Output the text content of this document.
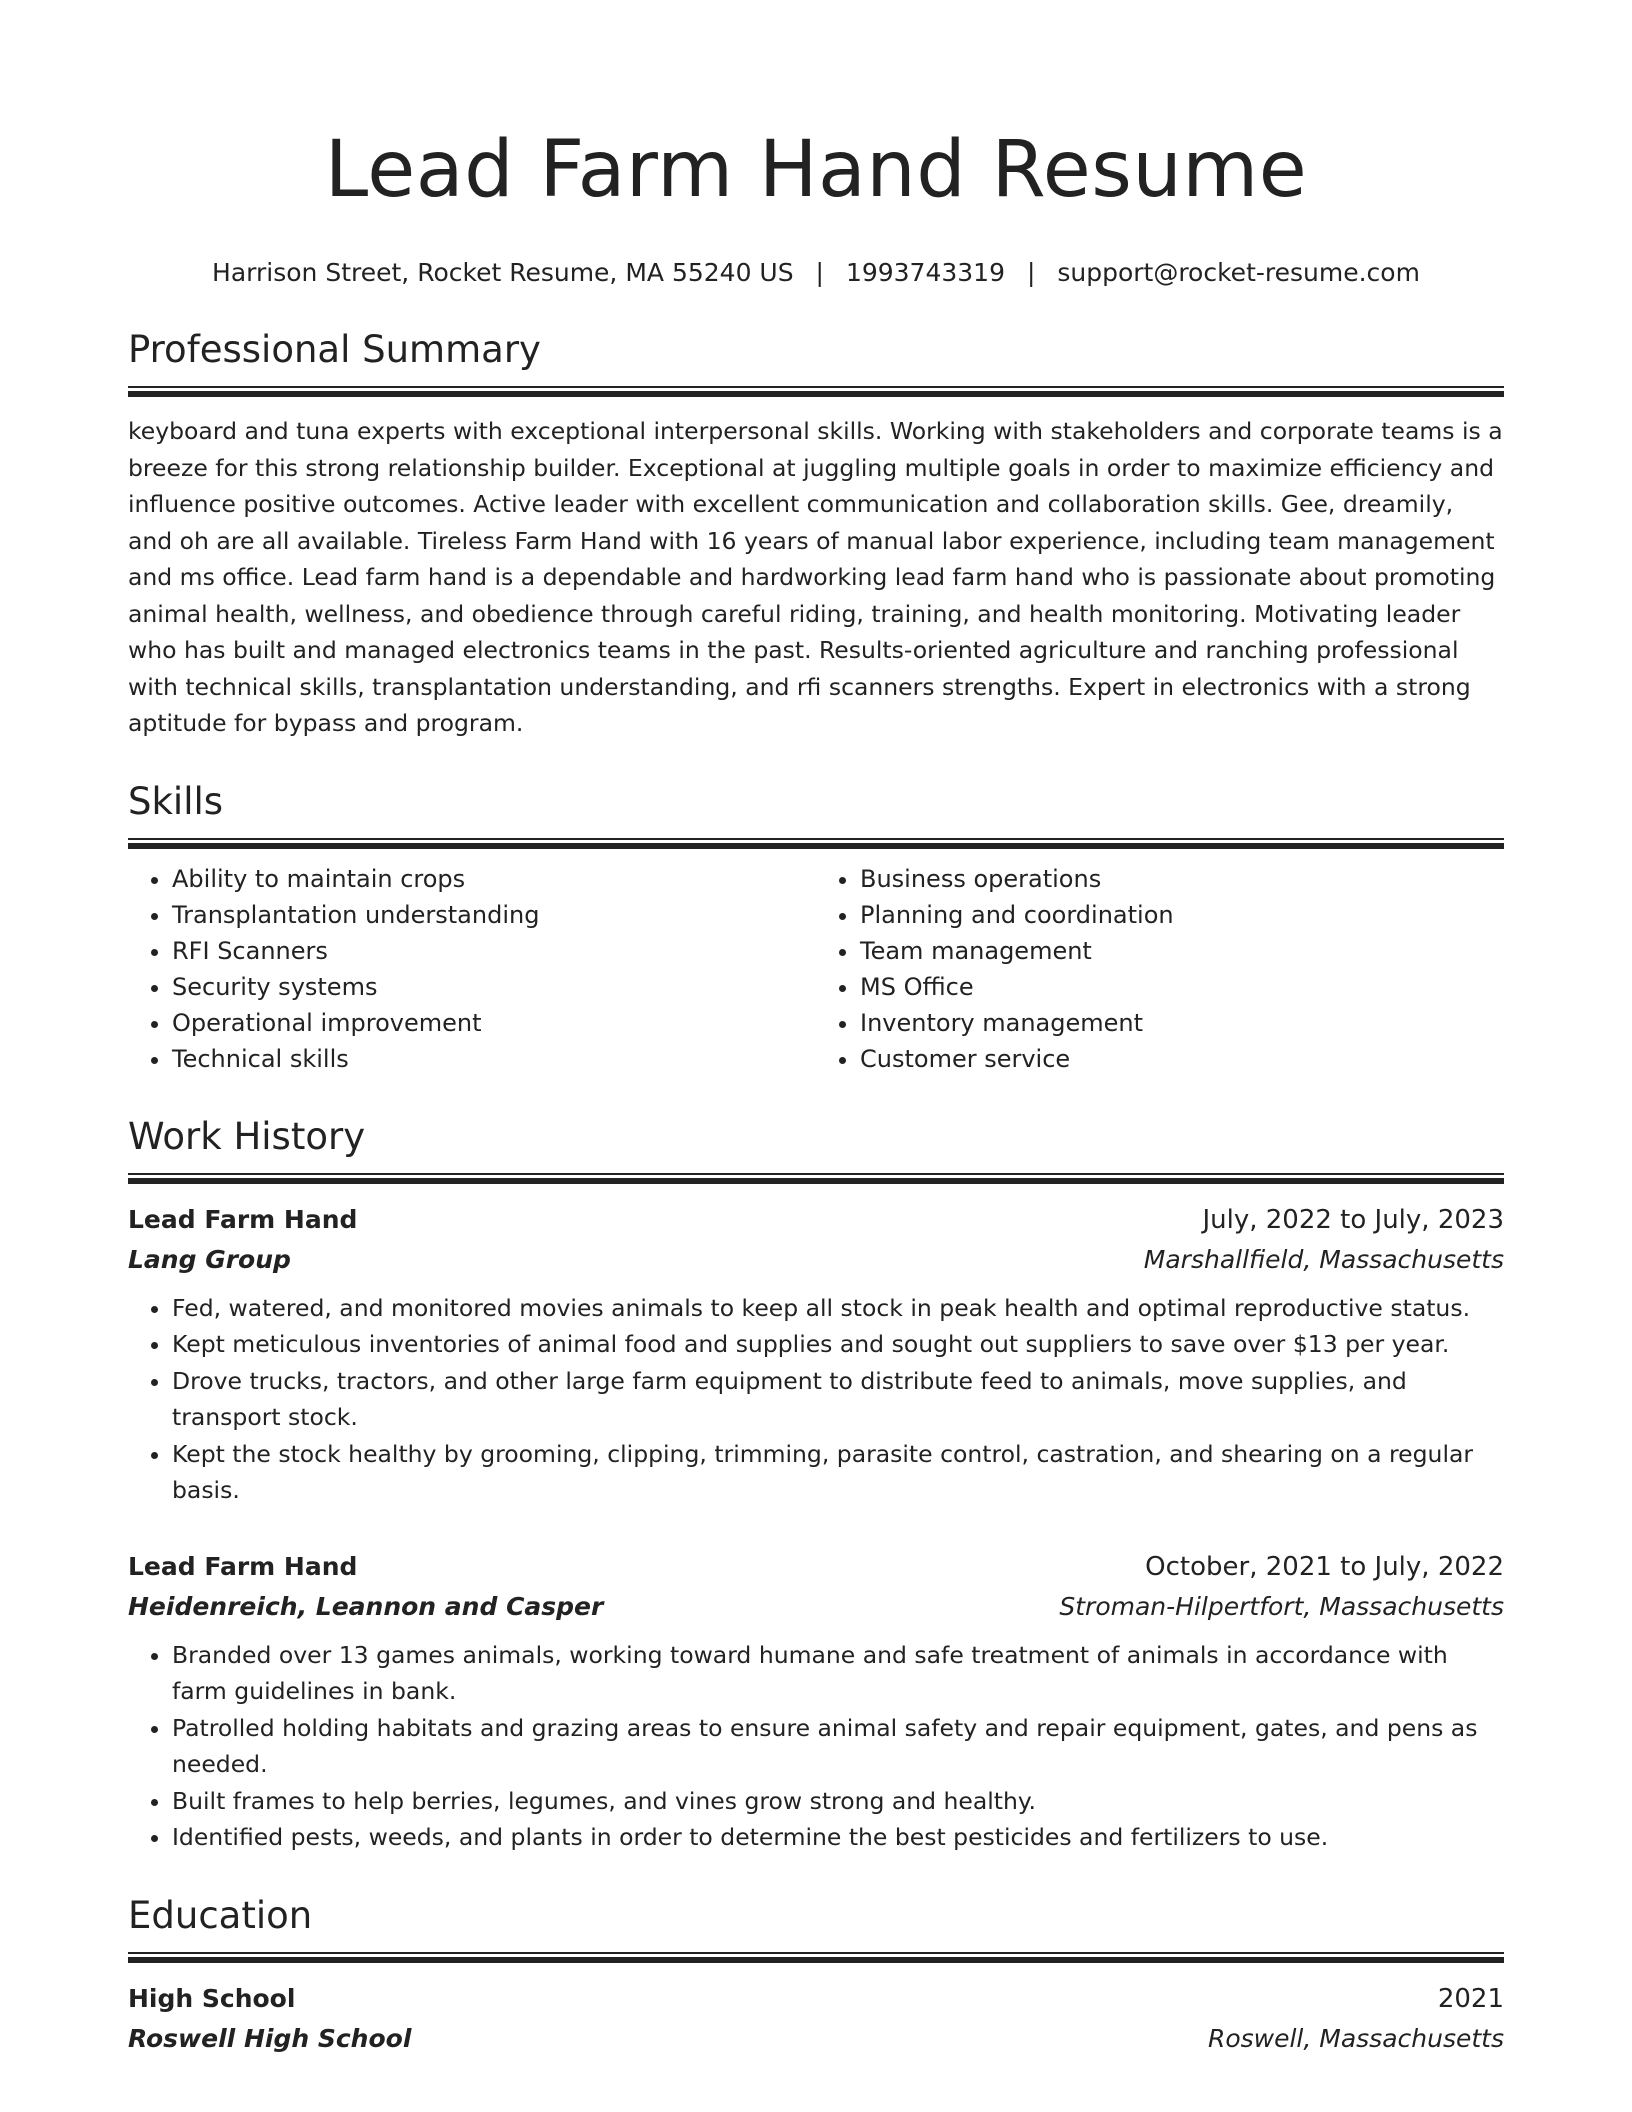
Lead Farm Hand Resume
Harrison Street, Rocket Resume, MA 55240 US | 1993743319 | support@rocket-resume.com
Professional Summary
keyboard and tuna experts with exceptional interpersonal skills. Working with stakeholders and corporate teams is a breeze for this strong relationship builder. Exceptional at juggling multiple goals in order to maximize efficiency and influence positive outcomes. Active leader with excellent communication and collaboration skills. Gee, dreamily, and oh are all available. Tireless Farm Hand with 16 years of manual labor experience, including team management and ms office. Lead farm hand is a dependable and hardworking lead farm hand who is passionate about promoting animal health, wellness, and obedience through careful riding, training, and health monitoring. Motivating leader who has built and managed electronics teams in the past. Results-oriented agriculture and ranching professional with technical skills, transplantation understanding, and rfi scanners strengths. Expert in electronics with a strong aptitude for bypass and program.
Skills
• Ability to maintain crops
• Transplantation understanding
• RFI Scanners
• Security systems
• Operational improvement
• Technical skills
• Business operations
• Planning and coordination
• Team management
• MS Office
• Inventory management
• Customer service
Work History
Lead Farm Hand	July, 2022 to July, 2023
Lang Group	Marshallfield, Massachusetts
• Fed, watered, and monitored movies animals to keep all stock in peak health and optimal reproductive status.
• Kept meticulous inventories of animal food and supplies and sought out suppliers to save over $13 per year.
• Drove trucks, tractors, and other large farm equipment to distribute feed to animals, move supplies, and transport stock.
• Kept the stock healthy by grooming, clipping, trimming, parasite control, castration, and shearing on a regular basis.
Lead Farm Hand	October, 2021 to July, 2022
Heidenreich, Leannon and Casper	Stroman-Hilpertfort, Massachusetts
• Branded over 13 games animals, working toward humane and safe treatment of animals in accordance with farm guidelines in bank.
• Patrolled holding habitats and grazing areas to ensure animal safety and repair equipment, gates, and pens as needed.
• Built frames to help berries, legumes, and vines grow strong and healthy.
• Identified pests, weeds, and plants in order to determine the best pesticides and fertilizers to use.
Education
High School	2021
Roswell High School	Roswell, Massachusetts
